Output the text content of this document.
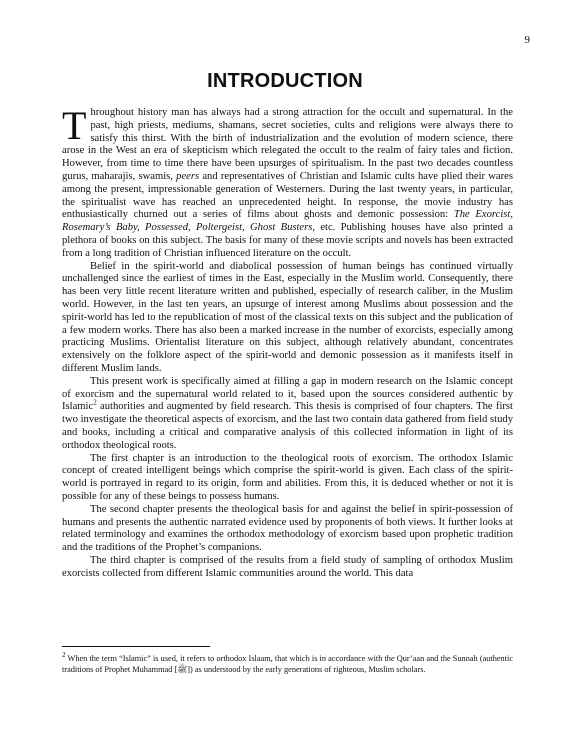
9
INTRODUCTION

Throughout history man has always had a strong attraction for the occult and supernatural. In the past, high priests, mediums, shamans, secret societies, cults and religions were always there to satisfy this thirst. With the birth of industrialization and the evolution of modern science, there arose in the West an era of skepticism which relegated the occult to the realm of fairy tales and fiction. However, from time to time there have been upsurges of spiritualism. In the past two decades countless gurus, maharajis, swamis, peers and representatives of Christian and Islamic cults have plied their wares among the present, impressionable generation of Westerners. During the last twenty years, in particular, the spiritualist wave has reached an unprecedented height. In response, the movie industry has enthusiastically churned out a series of films about ghosts and demonic possession: The Exorcist, Rosemary’s Baby, Possessed, Poltergeist, Ghost Busters, etc. Publishing houses have also printed a plethora of books on this subject. The basis for many of these movie scripts and novels has been extracted from a long tradition of Christian influenced literature on the occult.

Belief in the spirit-world and diabolical possession of human beings has continued virtually unchallenged since the earliest of times in the East, especially in the Muslim world. Consequently, there has been very little recent literature written and published, especially of research caliber, in the Muslim world. However, in the last ten years, an upsurge of interest among Muslims about possession and the spirit-world has led to the republication of most of the classical texts on this subject and the publication of a few modern works. There has also been a marked increase in the number of exorcists, especially among practicing Muslims. Orientalist literature on this subject, although relatively abundant, concentrates extensively on the folklore aspect of the spirit-world and demonic possession as it manifests itself in different Muslim lands.

This present work is specifically aimed at filling a gap in modern research on the Islamic concept of exorcism and the supernatural world related to it, based upon the sources considered authentic by Islamic$^2$ authorities and augmented by field research. This thesis is comprised of four chapters. The first two investigate the theoretical aspects of exorcism, and the last two contain data gathered from field study and books, including a critical and comparative analysis of this collected information in light of its orthodox theological roots.

The first chapter is an introduction to the theological roots of exorcism. The orthodox Islamic concept of created intelligent beings which comprise the spirit-world is given. Each class of the spirit-world is portrayed in regard to its origin, form and abilities. From this, it is deduced whether or not it is possible for any of these beings to possess humans.

The second chapter presents the theological basis for and against the belief in spirit-possession of humans and presents the authentic narrated evidence used by proponents of both views. It further looks at related terminology and examines the orthodox methodology of exorcism based upon prophetic tradition and the traditions of the Prophet’s companions.

The third chapter is comprised of the results from a field study of sampling of orthodox Muslim exorcists collected from different Islamic communities around the world. This data

$^2$ When the term “Islamic” is used, it refers to orthodox Islaam, that which is in accordance with the Qur’aan and the Sunnah (authentic traditions of Prophet Muhammad [ﷺ]) as understood by the early generations of righteous, Muslim scholars.
